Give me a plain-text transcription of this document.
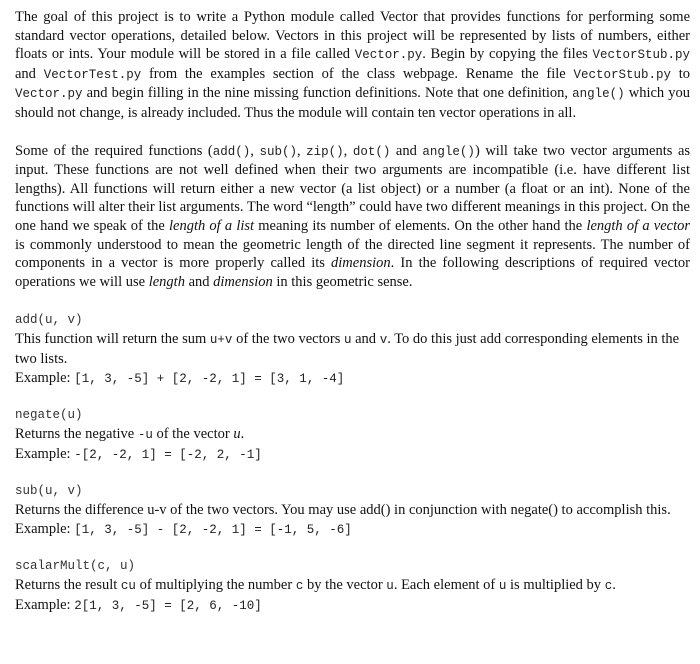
The goal of this project is to write a Python module called Vector that provides functions for performing some standard vector operations, detailed below. Vectors in this project will be represented by lists of numbers, either floats or ints. Your module will be stored in a file called Vector.py. Begin by copying the files VectorStub.py and VectorTest.py from the examples section of the class webpage. Rename the file VectorStub.py to Vector.py and begin filling in the nine missing function definitions. Note that one definition, angle() which you should not change, is already included. Thus the module will contain ten vector operations in all.

Some of the required functions (add(), sub(), zip(), dot() and angle()) will take two vector arguments as input. These functions are not well defined when their two arguments are incompatible (i.e. have different list lengths). All functions will return either a new vector (a list object) or a number (a float or an int). None of the functions will alter their list arguments. The word “length” could have two different meanings in this project. On the one hand we speak of the length of a list meaning its number of elements. On the other hand the length of a vector is commonly understood to mean the geometric length of the directed line segment it represents. The number of components in a vector is more properly called its dimension. In the following descriptions of required vector operations we will use length and dimension in this geometric sense.

add(u, v)

This function will return the sum u+v of the two vectors u and v. To do this just add corresponding elements in the two lists.

Example: [1, 3, -5] + [2, -2, 1] = [3, 1, -4]

negate(u)

Returns the negative -u of the vector u.

Example: -[2, -2, 1] = [-2, 2, -1]

sub(u, v)

Returns the difference u-v of the two vectors. You may use add() in conjunction with negate() to accomplish this.

Example: [1, 3, -5] - [2, -2, 1] = [-1, 5, -6]

scalarMult(c, u)

Returns the result cu of multiplying the number c by the vector u. Each element of u is multiplied by c.

Example: 2[1, 3, -5] = [2, 6, -10]
